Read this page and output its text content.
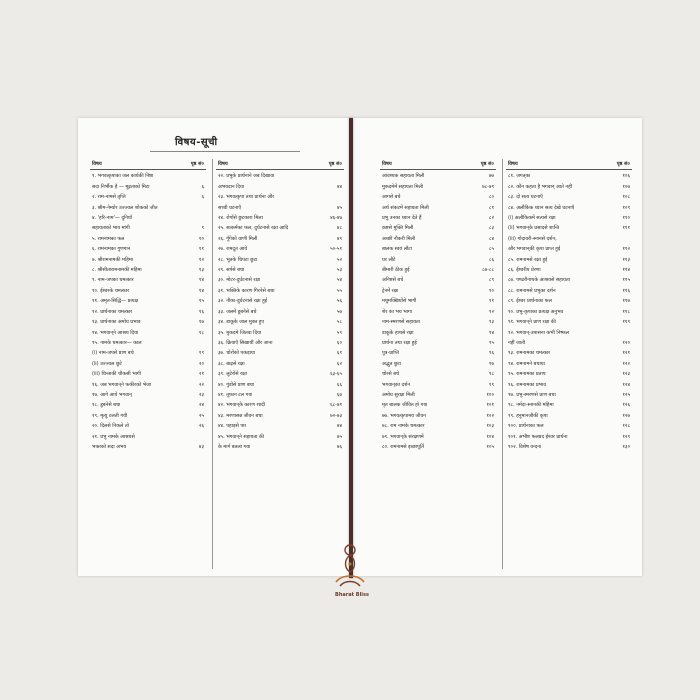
विषय-सूची
विषय	पृष्ठ सं०
१. भगवत्कृपाका जल कार्यकी निष्ठा
सदा निर्भीक है — मूढ़ताको मिटा	६
२. राम-नामसे तृप्ति	६
३. श्रीम-नेम्योर उज्ज्वल शोकको जीत
४. 'हरि-नाम'— दुनियाँ
सहायताको भाव मांगी	९
५. रामनामका फल	१०
६. रामनामका गुणगान	११
७. श्रीरामनामकी महिमा	१२
८. श्रीसीतारामनामकी महिमा	१३
९. नाम-जपका चमत्कार	१४
१०. ईश्वरके चमत्कार	१४
११. अमृत-सिद्धि— प्रत्यक्ष	१५
१२. प्रार्थनाका चमत्कार	१६
१३. प्रार्थनाका अमोघ प्रभाव	१७
१४. भगवान्‌ने आश्रय दिया	१८
१५. नामके चमत्कार— काल
(i) नाम-जपसे प्राण बचे	१९
(ii) उज्ज्वल छूटे	२०
(iii) चिन्ताकी चौकसी भागी	२१
१६. जब भगवान्‌ने फकीरको भेजा	२२
१७. आगे आये भगवान्	२३
१८. डूबनेसे बचा	२४
१९. मृत्यु टलती गयी	२५
२०. दिलसे निकले तो	२६
२१. प्रभु नामके आश्रयसे
भक्तको सदा अभय	४३
विषय	पृष्ठ सं०
२२. प्रभुके प्रार्थनाने जब दिखावा
अभयदान दिया	४४
२३. भगवत्कृपा तथा प्रार्थना और
सच्ची घटनाएँ	४५
२४. रोगोंसे छुटकारा मिला	४६-४७
२५. सत्कर्मका फल, दुर्घटनासे रक्षा आदि	४८
२६. गूँगेको वाणी मिली	४९
२७. रामदूत आये	५०-५१
२८. भूतके चिपटा छूटा	५२
२९. सर्पसे बचा	५३
३०. मोटर-दुर्घटनासे रक्षा	५४
३१. भक्तिके कारण गिरनेसे बचा	५५
३२. नौका-दुर्घटनासे रक्षा हुई	५६
३३. जलमें डूबनेसे बचे	५७
३४. डाकूके जाल मुक्त हुए	५८
३५. मुकदमे जितवा दिया	५९
३६. क्रियाएँ सिखायीं और जाना	६०
३७. चोरोंको पकड़ाया	६१
३८. बाढ़से रक्षा	६२
३९. लुटेरोंसे रक्षा	६३-६५
४०. गुंडोंसे प्राण बचा	६६
४१. तूफान टल गया	६७
४२. भगवान्‌के कारण शादी	६८-७१
४३. मरणासन्न जीवन बचा	७२-७३
४४. पहाड़से पार	७४
४५. भगवान्‌ने सहायता की	७५
के मार्ग बतला गया	७६
विषय	पृष्ठ सं०
आवश्यक सहायता मिली	७७
मुकदमेमें सहायता मिली	७८-७९
आगसे बचे	८०
अर्थ संकटमें सहायता मिली	८१
प्रभु उनका ध्यान देते हैं	८२
कष्टसे मुक्ति मिली	८३
अच्छी नौकरी मिली	८४
बालक स्वयं लौटा	८५
घर लौटे	८६
बीमारी ठीक हुई	८७-८८
अनिष्टसे बचे	८९
ट्रेनमें रक्षा	९०
मधुमक्खियोंसे भागी	९१
शेर का भय भागा	९२
नाम-स्मरणसे सहायता	९३
डाकूके हाथसे रक्षा	९४
प्रार्थना तथा रक्षा हुई	९५
पुत्र-प्राप्ति	९६
अद्भुत छूटा	९७
चोरसे बचे	९८
भगवान्‌का दर्शन	९९
अमोघ सुरक्षा मिली	१००
मृत बालक जीवित हो गया	१०१
७७. भगवत्कृपामय जीवन	१०२
७८. राम नामके चमत्कार	१०३
७९. भगवान्‌के संरक्षणमें	१०४
८०. रामनामसे इच्छापूर्ति	१०५
विषय	पृष्ठ सं०
८१. जगत्‌का	१०६
८२. कौन कहता है भगवान् आते नहीं	१०७
८३. दो सत्य घटनाएँ	१०८
८४. अलौकिक ध्यान सत्य देखे घटनाएँ	१०९
(i) अलौकिकमें सत्यसे रक्षा	११०
(ii) भगवान्‌के प्रसादसे शान्ति	१११
(iii) गोदावरी-स्नानसे दर्शन,
और भगवान्‌की कृपा प्राप्त हुई	११२
८५. रामनामसे रक्षा हुई	११३
८६. ईश्वरीय प्रेरणा	११४
८७. पण्ढरीनाथके आश्रयसे सहायता	११५
८८. रामनामसे प्रभुका दर्शन	११६
८९. ईश्वर प्रार्थनाका फल	११७
९०. प्रभु-कृपाका प्रत्यक्ष अनुभव	११८
९१. भगवान्‌ने प्राण रक्षा की	११९
९२. भगवान्-उपासना कभी निष्फल
नहीं जाती	१२०
९३. रामनामका चमत्कार	१२१
९४. रामनामने बचाया	१२२
९५. रामनामका प्रताप	१२३
९६. रामनामका प्रभाव	१२४
९७. प्रभु-स्मरणसे प्राण बचा	१२५
९८. नर्मदा-स्नानकी महिमा	१२६
९९. हनुमानजीकी कृपा	१२७
१००. प्रार्थनाका फल	१२८
१०१. अभीष्ट फलप्रद ईश्वर प्रार्थना	१२९
१०२. विशेष वन्दना	१३०
Bharat Bliss
